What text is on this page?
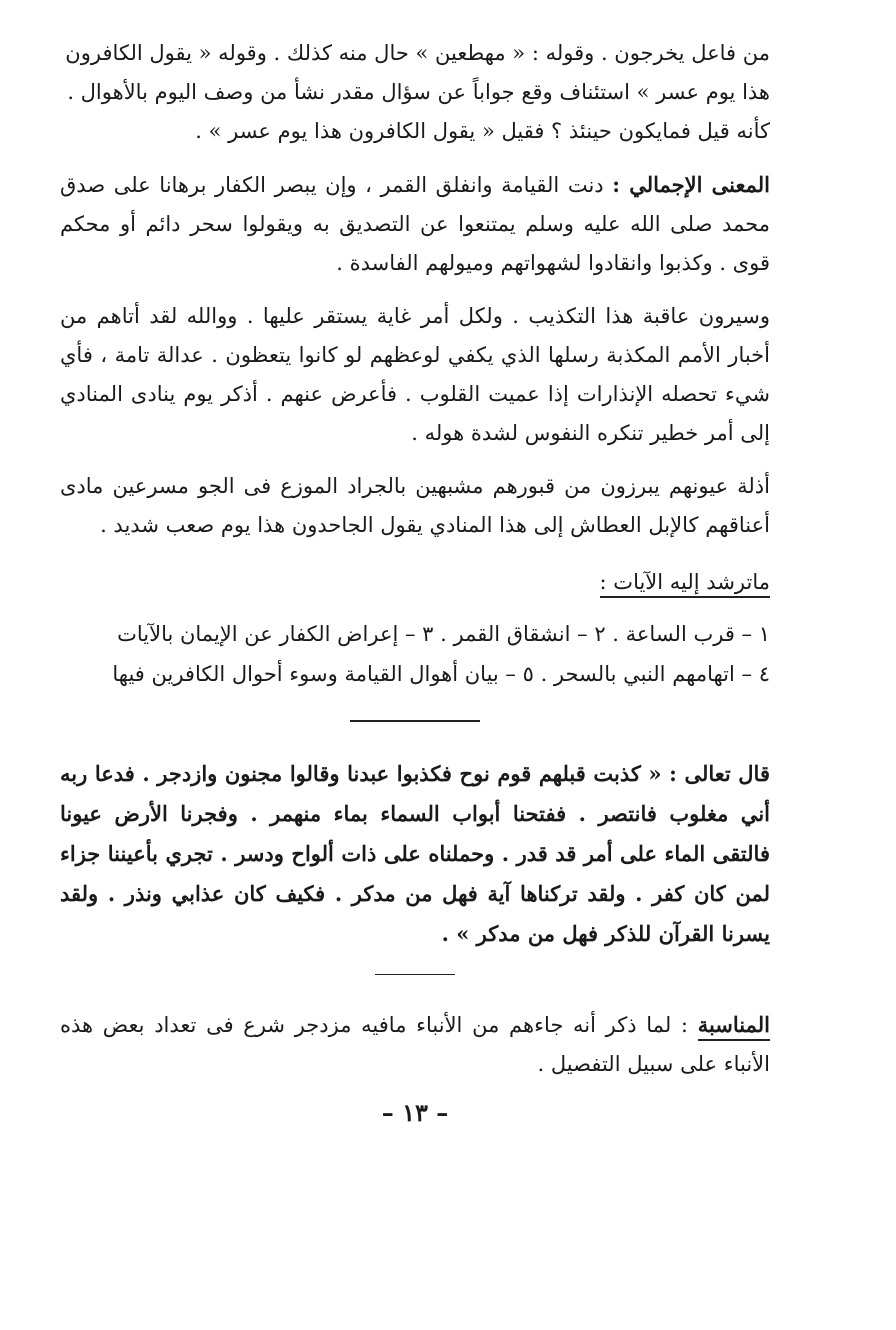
من فاعل يخرجون . وقوله : « مهطعين » حال منه كذلك . وقوله « يقول الكافرون

هذا يوم عسر » استئناف وقع جواباً عن سؤال مقدر نشأ من وصف اليوم بالأهوال .

كأنه قيل فمايكون حينئذ ؟ فقيل « يقول الكافرون هذا يوم عسر » .

المعنى الإجمالي : دنت القيامة وانفلق القمر ، وإن يبصر الكفار برهانا على صدق محمد صلى الله عليه وسلم يمتنعوا عن التصديق به ويقولوا سحر دائم أو محكم قوى . وكذبوا وانقادوا لشهواتهم وميولهم الفاسدة .

وسيرون عاقبة هذا التكذيب . ولكل أمر غاية يستقر عليها . ووالله لقد أتاهم من أخبار الأمم المكذبة رسلها الذي يكفي لوعظهم لو كانوا يتعظون . عدالة تامة ، فأي شيء تحصله الإنذارات إذا عميت القلوب . فأعرض عنهم . أذكر يوم ينادى المنادي إلى أمر خطير تنكره النفوس لشدة هوله .

أذلة عيونهم يبرزون من قبورهم مشبهين بالجراد الموزع فى الجو مسرعين مادى أعناقهم كالإبل العطاش إلى هذا المنادي يقول الجاحدون هذا يوم صعب شديد .

ماترشد إليه الآيات :

١ – قرب الساعة . ٢ – انشقاق القمر . ٣ – إعراض الكفار عن الإيمان بالآيات

٤ – اتهامهم النبي بالسحر . ٥ – بيان أهوال القيامة وسوء أحوال الكافرين فيها

قال تعالى : « كذبت قبلهم قوم نوح فكذبوا عبدنا وقالوا مجنون وازدجر . فدعا ربه أني مغلوب فانتصر . ففتحنا أبواب السماء بماء منهمر . وفجرنا الأرض عيونا فالتقى الماء على أمر قد قدر . وحملناه على ذات ألواح ودسر . تجري بأعيننا جزاء لمن كان كفر . ولقد تركناها آية فهل من مدكر . فكيف كان عذابي ونذر . ولقد يسرنا القرآن للذكر فهل من مدكر » .

المناسبة : لما ذكر أنه جاءهم من الأنباء مافيه مزدجر شرع فى تعداد بعض هذه الأنباء على سبيل التفصيل .

– ١٣ –
